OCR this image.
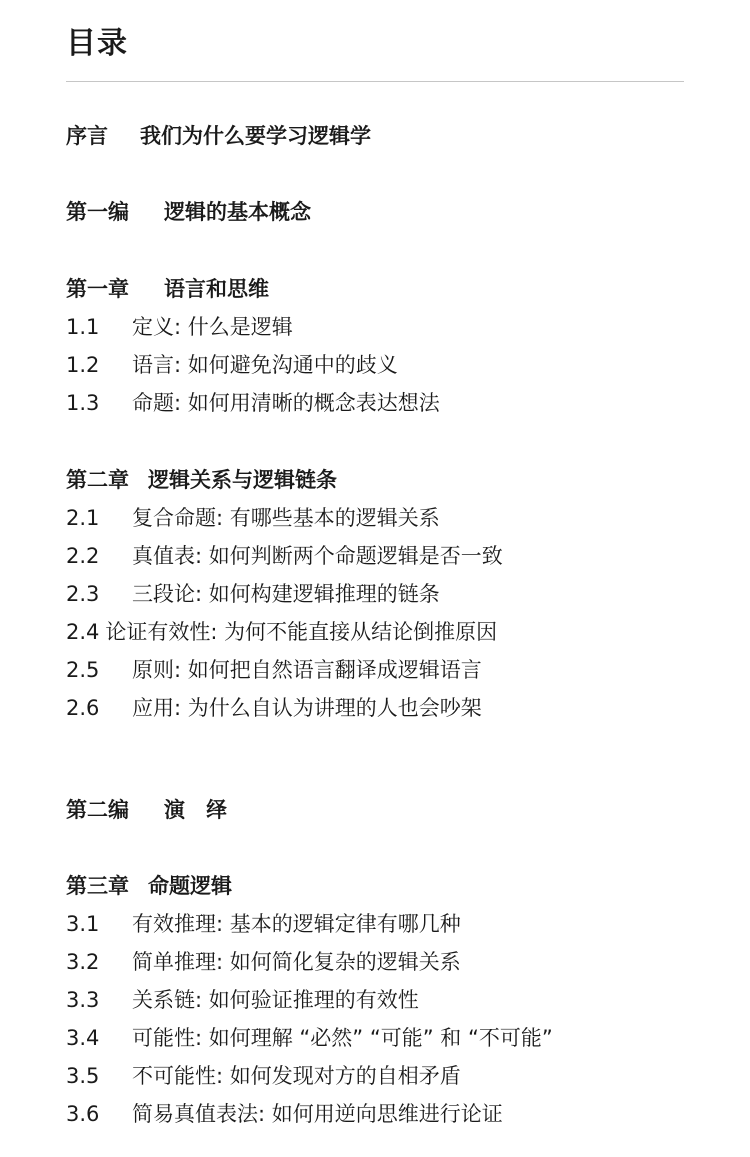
目录
序言 我们为什么要学习逻辑学
第一编 逻辑的基本概念
第一章 语言和思维
1.1 定义: 什么是逻辑
1.2 语言: 如何避免沟通中的歧义
1.3 命题: 如何用清晰的概念表达想法
第二章 逻辑关系与逻辑链条
2.1 复合命题: 有哪些基本的逻辑关系
2.2 真值表: 如何判断两个命题逻辑是否一致
2.3 三段论: 如何构建逻辑推理的链条
2.4 论证有效性: 为何不能直接从结论倒推原因
2.5 原则: 如何把自然语言翻译成逻辑语言
2.6 应用: 为什么自认为讲理的人也会吵架
第二编 演　绎
第三章 命题逻辑
3.1 有效推理: 基本的逻辑定律有哪几种
3.2 简单推理: 如何简化复杂的逻辑关系
3.3 关系链: 如何验证推理的有效性
3.4 可能性: 如何理解 “必然” “可能” 和 “不可能”
3.5 不可能性: 如何发现对方的自相矛盾
3.6 简易真值表法: 如何用逆向思维进行论证
